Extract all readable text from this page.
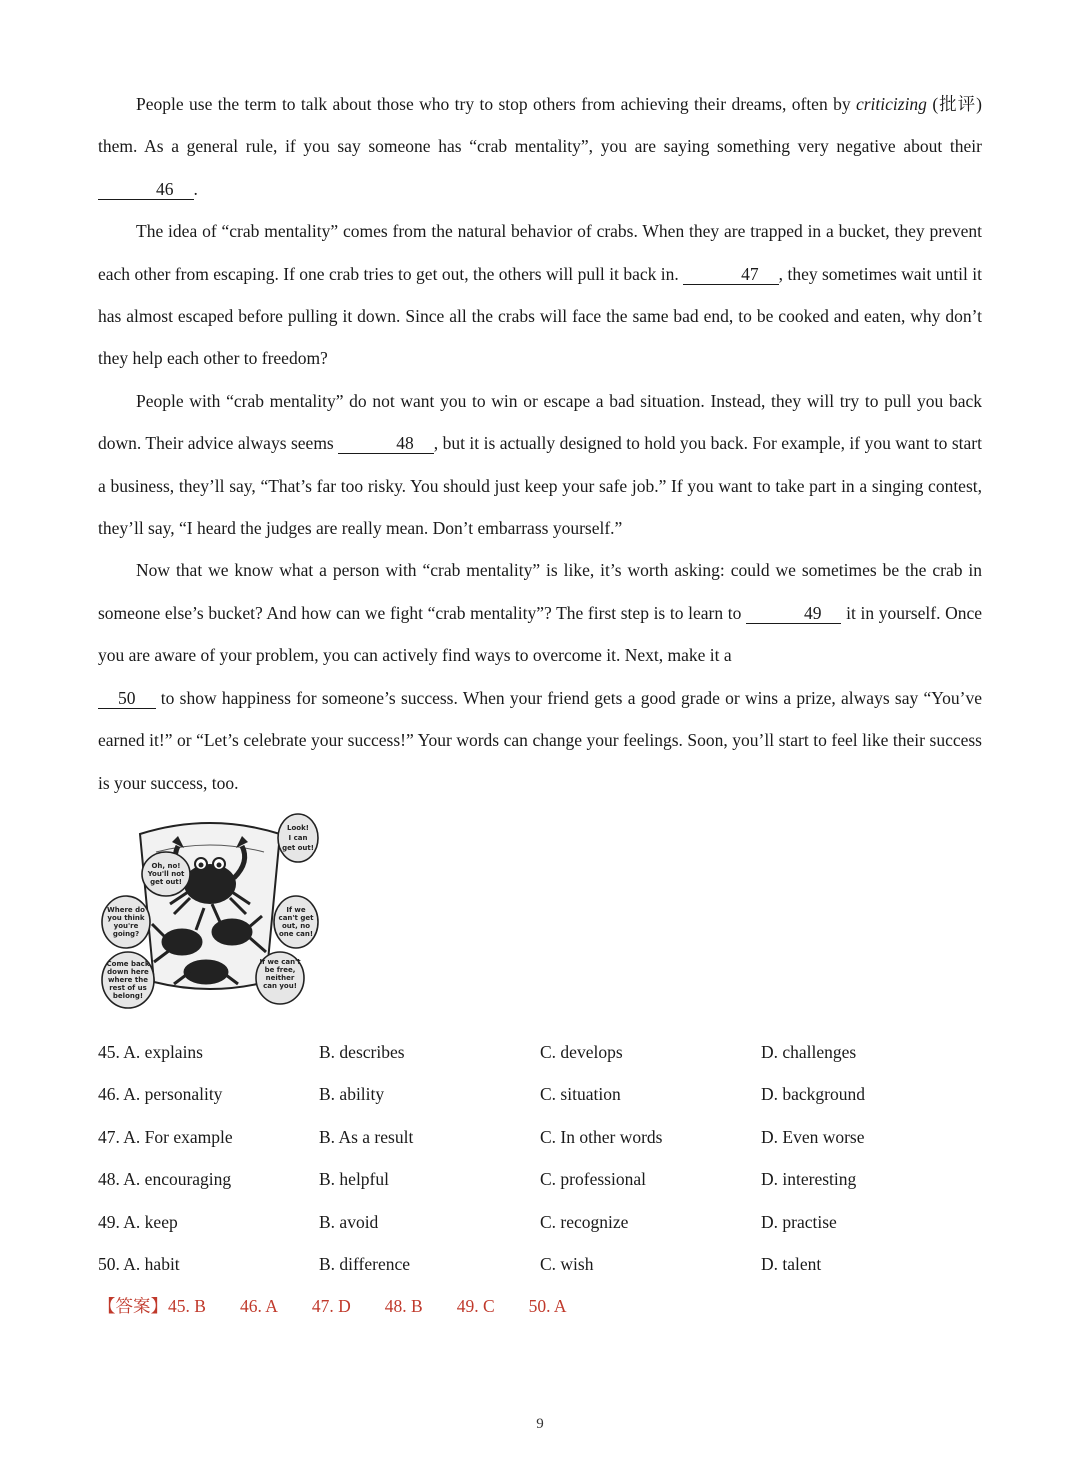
People use the term to talk about those who try to stop others from achieving their dreams, often by criticizing (批评) them. As a general rule, if you say someone has “crab mentality”, you are saying something very negative about their 46 .

The idea of “crab mentality” comes from the natural behavior of crabs. When they are trapped in a bucket, they prevent each other from escaping. If one crab tries to get out, the others will pull it back in.	47 , they sometimes wait until it has almost escaped before pulling it down. Since all the crabs will face the same bad end, to be cooked and eaten, why don’t they help each other to freedom?

People with “crab mentality” do not want you to win or escape a bad situation. Instead, they will try to pull you back down. Their advice always seems	48 , but it is actually designed to hold you back. For example, if you want to start a business, they’ll say, “That’s far too risky. You should just keep your safe job.” If you want to take part in a singing contest, they’ll say, “I heard the judges are really mean. Don’t embarrass yourself.”

Now that we know what a person with “crab mentality” is like, it’s worth asking: could we sometimes be the crab in someone else’s bucket? And how can we fight “crab mentality”? The first step is to learn to	49 it in yourself. Once you are aware of your problem, you can actively find ways to overcome it. Next, make it a

50 to show happiness for someone’s success. When your friend gets a good grade or wins a prize, always say “You’ve earned it!” or “Let’s celebrate your success!” Your words can change your feelings. Soon, you’ll start to feel like their success is your success, too.

Look!
I can
get out!
Oh, no!
You'll not
get out!
Where do
you think
you're
going?
Come back
down here
where the
rest of us
belong!
If we
can't get
out, no
one can!
If we can't
be free,
neither
can you!
45. A. explains	B. describes	C. develops	D. challenges
46. A. personality	B. ability	C. situation	D. background
47. A. For example	B. As a result	C. In other words	D. Even worse
48. A. encouraging	B. helpful	C. professional	D. interesting
49. A. keep	B. avoid	C. recognize	D. practise
50. A. habit	B. difference	C. wish	D. talent
【答案】45. B 46. A 47. D 48. B 49. C 50. A
9
